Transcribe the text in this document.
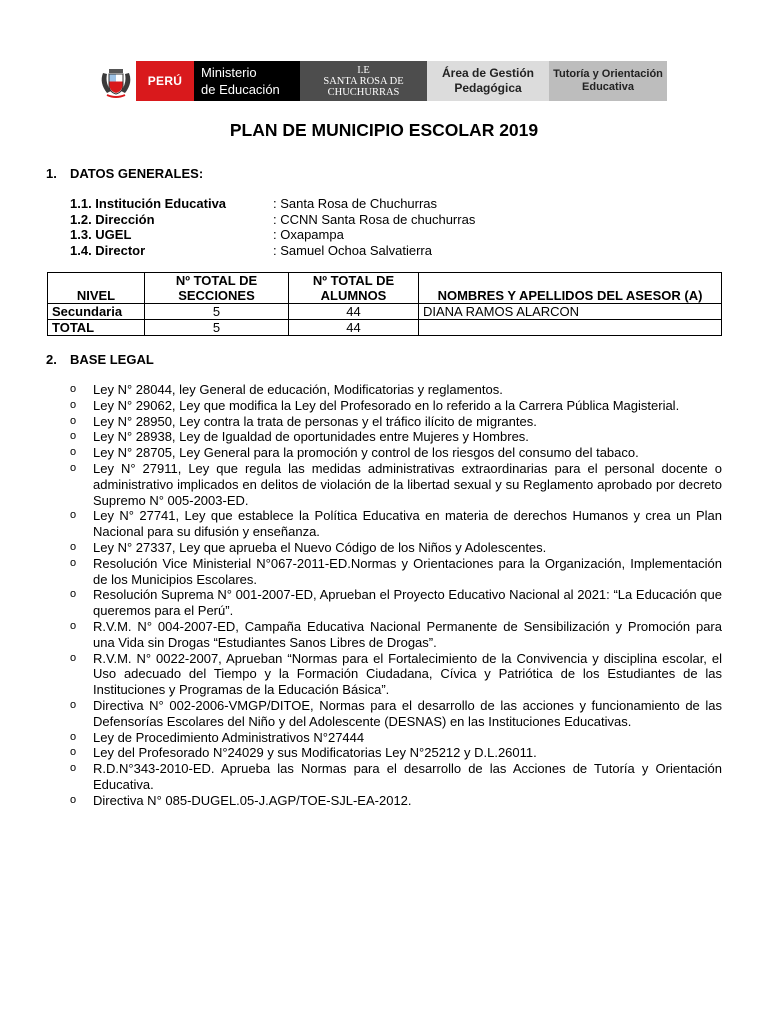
PERÚ
Ministerio
de Educación
I.E
SANTA ROSA DE
CHUCHURRAS
Área de Gestión
Pedagógica
Tutoría y Orientación
Educativa
PLAN DE MUNICIPIO ESCOLAR 2019
1. DATOS GENERALES:
1.1. Institución Educativa	: Santa Rosa de Chuchurras
1.2. Dirección	: CCNN Santa Rosa de chuchurras
1.3. UGEL	: Oxapampa
1.4. Director	: Samuel Ochoa Salvatierra
NIVEL	Nº TOTAL DE SECCIONES	Nº TOTAL DE ALUMNOS	NOMBRES Y APELLIDOS DEL ASESOR (A)
Secundaria	5	44	DIANA RAMOS ALARCON
TOTAL	5	44	
2. BASE LEGAL
o Ley N° 28044, ley General de educación, Modificatorias y reglamentos.
o Ley N° 29062, Ley que modifica la Ley del Profesorado en lo referido a la Carrera Pública Magisterial.
o Ley N° 28950, Ley contra la trata de personas y el tráfico ilícito de migrantes.
o Ley N° 28938, Ley de Igualdad de oportunidades entre Mujeres y Hombres.
o Ley N° 28705, Ley General para la promoción y control de los riesgos del consumo del tabaco.
o Ley N° 27911, Ley que regula las medidas administrativas extraordinarias para el personal docente o administrativo implicados en delitos de violación de la libertad sexual y su Reglamento aprobado por decreto Supremo N° 005-2003-ED.
o Ley N° 27741, Ley que establece la Política Educativa en materia de derechos Humanos y crea un Plan Nacional para su difusión y enseñanza.
o Ley N° 27337, Ley que aprueba el Nuevo Código de los Niños y Adolescentes.
o Resolución Vice Ministerial N°067-2011-ED.Normas y Orientaciones para la Organización, Implementación de los Municipios Escolares.
o Resolución Suprema N° 001-2007-ED, Aprueban el Proyecto Educativo Nacional al 2021: “La Educación que queremos para el Perú”.
o R.V.M. N° 004-2007-ED, Campaña Educativa Nacional Permanente de Sensibilización y Promoción para una Vida sin Drogas “Estudiantes Sanos Libres de Drogas”.
o R.V.M. N° 0022-2007, Aprueban “Normas para el Fortalecimiento de la Convivencia y disciplina escolar, el Uso adecuado del Tiempo y la Formación Ciudadana, Cívica y Patriótica de los Estudiantes de las Instituciones y Programas de la Educación Básica”.
o Directiva N° 002-2006-VMGP/DITOE, Normas para el desarrollo de las acciones y funcionamiento de las Defensorías Escolares del Niño y del Adolescente (DESNAS) en las Instituciones Educativas.
o Ley de Procedimiento Administrativos N°27444
o Ley del Profesorado N°24029 y sus Modificatorias Ley N°25212 y D.L.26011.
o R.D.N°343-2010-ED. Aprueba las Normas para el desarrollo de las Acciones de Tutoría y Orientación Educativa.
o Directiva N° 085-DUGEL.05-J.AGP/TOE-SJL-EA-2012.
